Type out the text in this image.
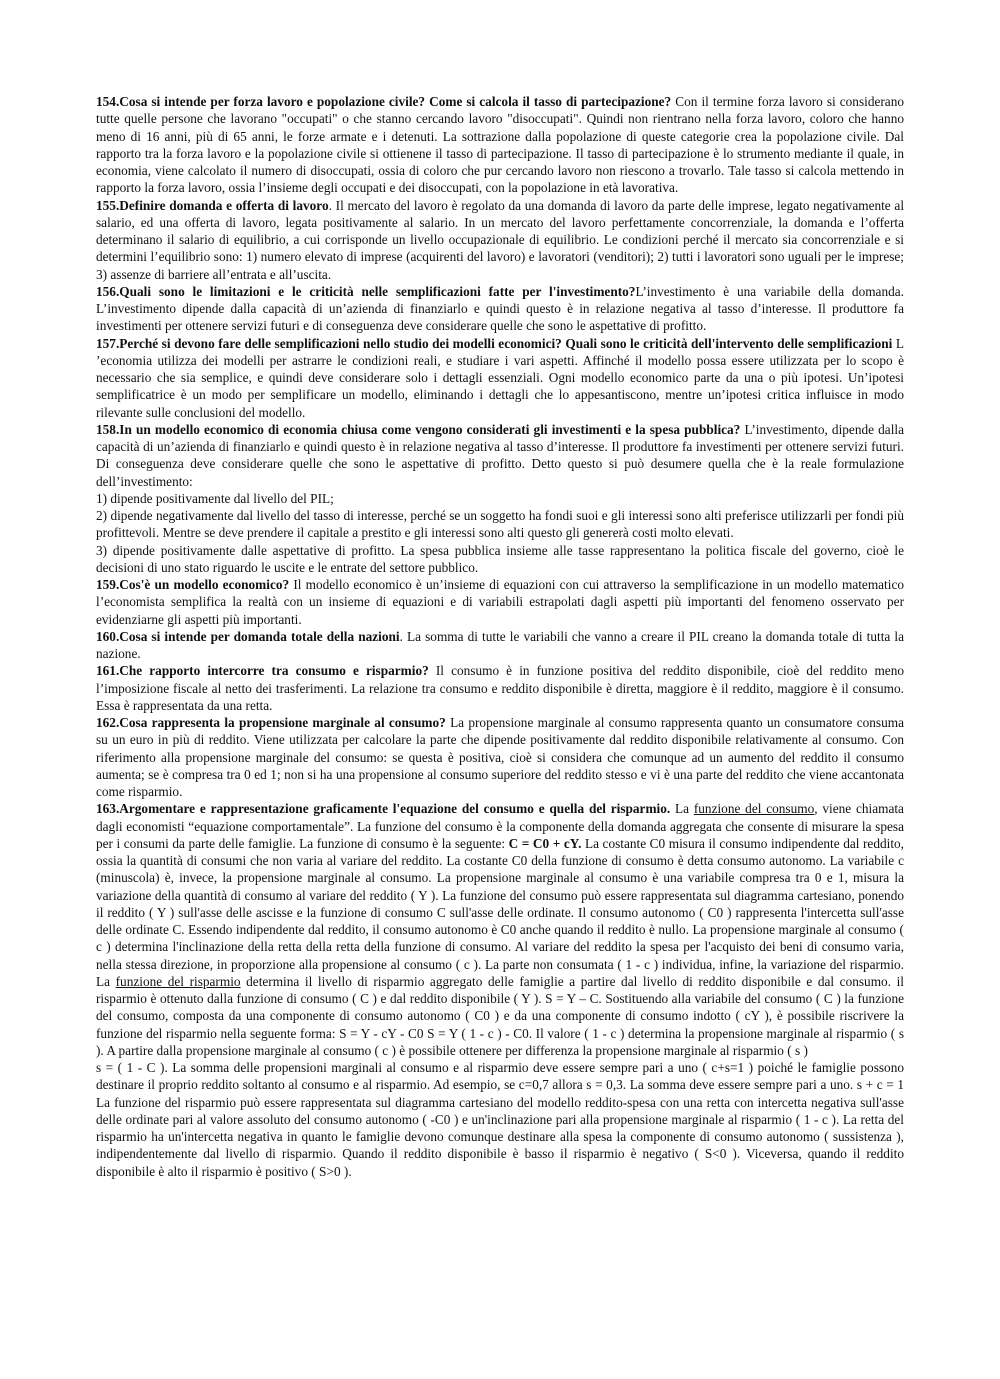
154.Cosa si intende per forza lavoro e popolazione civile? Come si calcola il tasso di partecipazione? Con il termine forza lavoro si considerano tutte quelle persone che lavorano "occupati" o che stanno cercando lavoro "disoccupati". Quindi non rientrano nella forza lavoro, coloro che hanno meno di 16 anni, più di 65 anni, le forze armate e i detenuti. La sottrazione dalla popolazione di queste categorie crea la popolazione civile. Dal rapporto tra la forza lavoro e la popolazione civile si ottienene il tasso di partecipazione. Il tasso di partecipazione è lo strumento mediante il quale, in economia, viene calcolato il numero di disoccupati, ossia di coloro che pur cercando lavoro non riescono a trovarlo. Tale tasso si calcola mettendo in rapporto la forza lavoro, ossia l’insieme degli occupati e dei disoccupati, con la popolazione in età lavorativa.

155.Definire domanda e offerta di lavoro. Il mercato del lavoro è regolato da una domanda di lavoro da parte delle imprese, legato negativamente al salario, ed una offerta di lavoro, legata positivamente al salario. In un mercato del lavoro perfettamente concorrenziale, la domanda e l’offerta determinano il salario di equilibrio, a cui corrisponde un livello occupazionale di equilibrio. Le condizioni perché il mercato sia concorrenziale e si determini l’equilibrio sono: 1) numero elevato di imprese (acquirenti del lavoro) e lavoratori (venditori); 2) tutti i lavoratori sono uguali per le imprese; 3) assenze di barriere all’entrata e all’uscita.

156.Quali sono le limitazioni e le criticità nelle semplificazioni fatte per l'investimento?L’investimento è una variabile della domanda. L’investimento dipende dalla capacità di un’azienda di finanziarlo e quindi questo è in relazione negativa al tasso d’interesse. Il produttore fa investimenti per ottenere servizi futuri e di conseguenza deve considerare quelle che sono le aspettative di profitto.

157.Perché si devono fare delle semplificazioni nello studio dei modelli economici? Quali sono le criticità dell'intervento delle semplificazioni L ’economia utilizza dei modelli per astrarre le condizioni reali, e studiare i vari aspetti. Affinché il modello possa essere utilizzata per lo scopo è necessario che sia semplice, e quindi deve considerare solo i dettagli essenziali. Ogni modello economico parte da una o più ipotesi. Un’ipotesi semplificatrice è un modo per semplificare un modello, eliminando i dettagli che lo appesantiscono, mentre un’ipotesi critica influisce in modo rilevante sulle conclusioni del modello.

158.In un modello economico di economia chiusa come vengono considerati gli investimenti e la spesa pubblica? L’investimento, dipende dalla capacità di un’azienda di finanziarlo e quindi questo è in relazione negativa al tasso d’interesse. Il produttore fa investimenti per ottenere servizi futuri. Di conseguenza deve considerare quelle che sono le aspettative di profitto. Detto questo si può desumere quella che è la reale formulazione dell’investimento:

1) dipende positivamente dal livello del PIL;

2) dipende negativamente dal livello del tasso di interesse, perché se un soggetto ha fondi suoi e gli interessi sono alti preferisce utilizzarli per fondi più profittevoli. Mentre se deve prendere il capitale a prestito e gli interessi sono alti questo gli genererà costi molto elevati.

3) dipende positivamente dalle aspettative di profitto. La spesa pubblica insieme alle tasse rappresentano la politica fiscale del governo, cioè le decisioni di uno stato riguardo le uscite e le entrate del settore pubblico.

159.Cos'è un modello economico? Il modello economico è un’insieme di equazioni con cui attraverso la semplificazione in un modello matematico l’economista semplifica la realtà con un insieme di equazioni e di variabili estrapolati dagli aspetti più importanti del fenomeno osservato per evidenziarne gli aspetti più importanti.

160.Cosa si intende per domanda totale della nazioni. La somma di tutte le variabili che vanno a creare il PIL creano la domanda totale di tutta la nazione.

161.Che rapporto intercorre tra consumo e risparmio? Il consumo è in funzione positiva del reddito disponibile, cioè del reddito meno l’imposizione fiscale al netto dei trasferimenti. La relazione tra consumo e reddito disponibile è diretta, maggiore è il reddito, maggiore è il consumo. Essa è rappresentata da una retta.

162.Cosa rappresenta la propensione marginale al consumo? La propensione marginale al consumo rappresenta quanto un consumatore consuma su un euro in più di reddito. Viene utilizzata per calcolare la parte che dipende positivamente dal reddito disponibile relativamente al consumo. Con riferimento alla propensione marginale del consumo: se questa è positiva, cioè si considera che comunque ad un aumento del reddito il consumo aumenta; se è compresa tra 0 ed 1; non si ha una propensione al consumo superiore del reddito stesso e vi è una parte del reddito che viene accantonata come risparmio.

163.Argomentare e rappresentazione graficamente l'equazione del consumo e quella del risparmio. La funzione del consumo, viene chiamata dagli economisti “equazione comportamentale”. La funzione del consumo è la componente della domanda aggregata che consente di misurare la spesa per i consumi da parte delle famiglie. La funzione di consumo è la seguente: C = C0 + cY. La costante C0 misura il consumo indipendente dal reddito, ossia la quantità di consumi che non varia al variare del reddito. La costante C0 della funzione di consumo è detta consumo autonomo. La variabile c (minuscola) è, invece, la propensione marginale al consumo. La propensione marginale al consumo è una variabile compresa tra 0 e 1, misura la variazione della quantità di consumo al variare del reddito ( Y ). La funzione del consumo può essere rappresentata sul diagramma cartesiano, ponendo il reddito ( Y ) sull'asse delle ascisse e la funzione di consumo C sull'asse delle ordinate. Il consumo autonomo ( C0 ) rappresenta l'intercetta sull'asse delle ordinate C. Essendo indipendente dal reddito, il consumo autonomo è C0 anche quando il reddito è nullo. La propensione marginale al consumo ( c ) determina l'inclinazione della retta della retta della funzione di consumo. Al variare del reddito la spesa per l'acquisto dei beni di consumo varia, nella stessa direzione, in proporzione alla propensione al consumo ( c ). La parte non consumata ( 1 - c ) individua, infine, la variazione del risparmio. La funzione del risparmio determina il livello di risparmio aggregato delle famiglie a partire dal livello di reddito disponibile e dal consumo. il risparmio è ottenuto dalla funzione di consumo ( C ) e dal reddito disponibile ( Y ). S = Y – C. Sostituendo alla variabile del consumo ( C ) la funzione del consumo, composta da una componente di consumo autonomo ( C0 ) e da una componente di consumo indotto ( cY ), è possibile riscrivere la funzione del risparmio nella seguente forma: S = Y - cY - C0 S = Y ( 1 - c ) - C0. Il valore ( 1 - c ) determina la propensione marginale al risparmio ( s ). A partire dalla propensione marginale al consumo ( c ) è possibile ottenere per differenza la propensione marginale al risparmio ( s )

s = ( 1 - C ). La somma delle propensioni marginali al consumo e al risparmio deve essere sempre pari a uno ( c+s=1 ) poiché le famiglie possono destinare il proprio reddito soltanto al consumo e al risparmio. Ad esempio, se c=0,7 allora s = 0,3. La somma deve essere sempre pari a uno. s + c = 1 La funzione del risparmio può essere rappresentata sul diagramma cartesiano del modello reddito-spesa con una retta con intercetta negativa sull'asse delle ordinate pari al valore assoluto del consumo autonomo ( -C0 ) e un'inclinazione pari alla propensione marginale al risparmio ( 1 - c ). La retta del risparmio ha un'intercetta negativa in quanto le famiglie devono comunque destinare alla spesa la componente di consumo autonomo ( sussistenza ), indipendentemente dal livello di risparmio. Quando il reddito disponibile è basso il risparmio è negativo ( S<0 ). Viceversa, quando il reddito disponibile è alto il risparmio è positivo ( S>0 ).
